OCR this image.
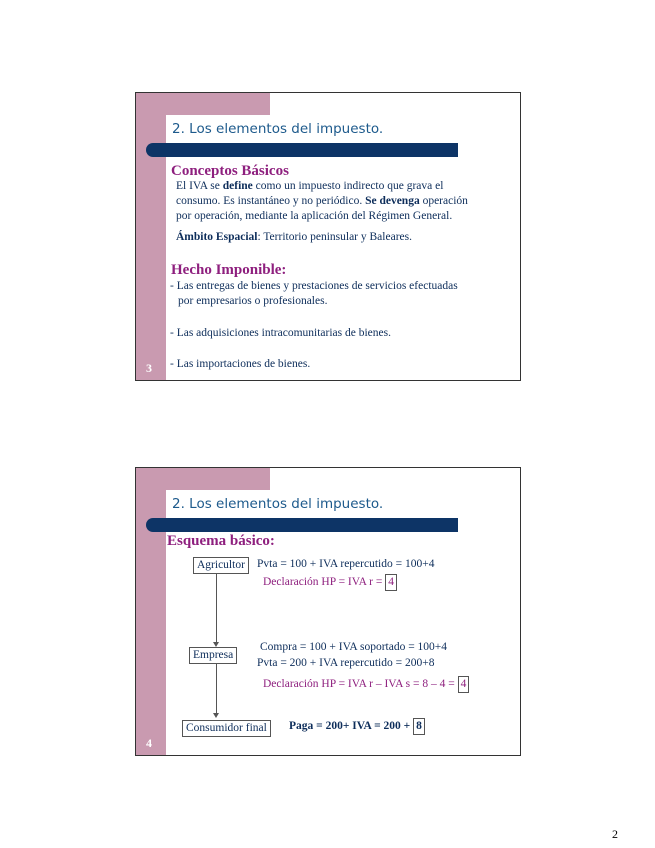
2. Los elementos del impuesto.
Conceptos Básicos
El IVA se define como un impuesto indirecto que grava el
consumo. Es instantáneo y no periódico. Se devenga operación
por operación, mediante la aplicación del Régimen General.
Ámbito Espacial: Territorio peninsular y Baleares.
Hecho Imponible:
- Las entregas de bienes y prestaciones de servicios efectuadas
por empresarios o profesionales.
- Las adquisiciones intracomunitarias de bienes.
- Las importaciones de bienes.
3
2. Los elementos del impuesto.
Esquema básico:
Agricultor	Pvta = 100 + IVA repercutido = 100+4
Declaración HP = IVA r = 4
Empresa
Compra = 100 + IVA soportado = 100+4
Pvta = 200 + IVA repercutido = 200+8
Declaración HP = IVA r – IVA s = 8 – 4 = 4
Consumidor final	Paga = 200+ IVA = 200 + 8
4
2
